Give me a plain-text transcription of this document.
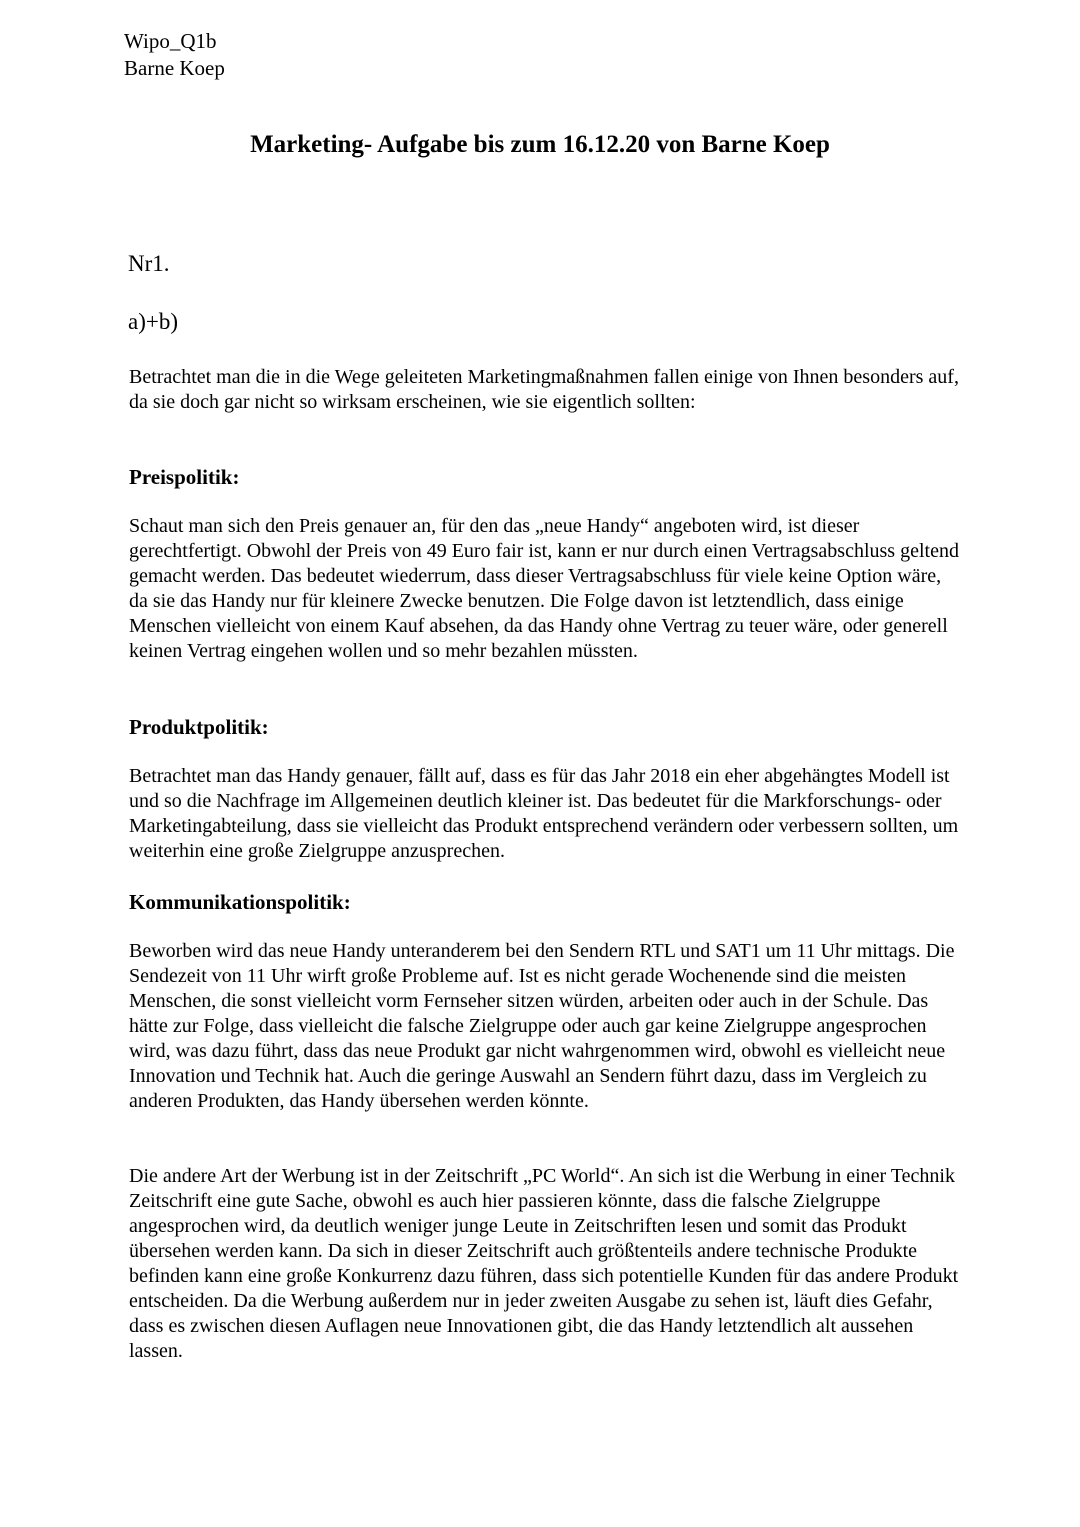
Wipo_Q1b
Barne Koep
Marketing- Aufgabe bis zum 16.12.20 von Barne Koep
Nr1.
a)+b)

Betrachtet man die in die Wege geleiteten Marketingmaßnahmen fallen einige von Ihnen besonders auf, da sie doch gar nicht so wirksam erscheinen, wie sie eigentlich sollten:

Preispolitik:

Schaut man sich den Preis genauer an, für den das „neue Handy“ angeboten wird, ist dieser gerechtfertigt. Obwohl der Preis von 49 Euro fair ist, kann er nur durch einen Vertragsabschluss geltend gemacht werden. Das bedeutet wiederrum, dass dieser Vertragsabschluss für viele keine Option wäre, da sie das Handy nur für kleinere Zwecke benutzen. Die Folge davon ist letztendlich, dass einige Menschen vielleicht von einem Kauf absehen, da das Handy ohne Vertrag zu teuer wäre, oder generell keinen Vertrag eingehen wollen und so mehr bezahlen müssten.

Produktpolitik:

Betrachtet man das Handy genauer, fällt auf, dass es für das Jahr 2018 ein eher abgehängtes Modell ist und so die Nachfrage im Allgemeinen deutlich kleiner ist. Das bedeutet für die Markforschungs- oder Marketingabteilung, dass sie vielleicht das Produkt entsprechend verändern oder verbessern sollten, um weiterhin eine große Zielgruppe anzusprechen.

Kommunikationspolitik:

Beworben wird das neue Handy unteranderem bei den Sendern RTL und SAT1 um 11 Uhr mittags. Die Sendezeit von 11 Uhr wirft große Probleme auf. Ist es nicht gerade Wochenende sind die meisten Menschen, die sonst vielleicht vorm Fernseher sitzen würden, arbeiten oder auch in der Schule. Das hätte zur Folge, dass vielleicht die falsche Zielgruppe oder auch gar keine Zielgruppe angesprochen wird, was dazu führt, dass das neue Produkt gar nicht wahrgenommen wird, obwohl es vielleicht neue Innovation und Technik hat. Auch die geringe Auswahl an Sendern führt dazu, dass im Vergleich zu anderen Produkten, das Handy übersehen werden könnte.

Die andere Art der Werbung ist in der Zeitschrift „PC World“. An sich ist die Werbung in einer Technik Zeitschrift eine gute Sache, obwohl es auch hier passieren könnte, dass die falsche Zielgruppe angesprochen wird, da deutlich weniger junge Leute in Zeitschriften lesen und somit das Produkt übersehen werden kann. Da sich in dieser Zeitschrift auch größtenteils andere technische Produkte befinden kann eine große Konkurrenz dazu führen, dass sich potentielle Kunden für das andere Produkt entscheiden. Da die Werbung außerdem nur in jeder zweiten Ausgabe zu sehen ist, läuft dies Gefahr, dass es zwischen diesen Auflagen neue Innovationen gibt, die das Handy letztendlich alt aussehen lassen.
